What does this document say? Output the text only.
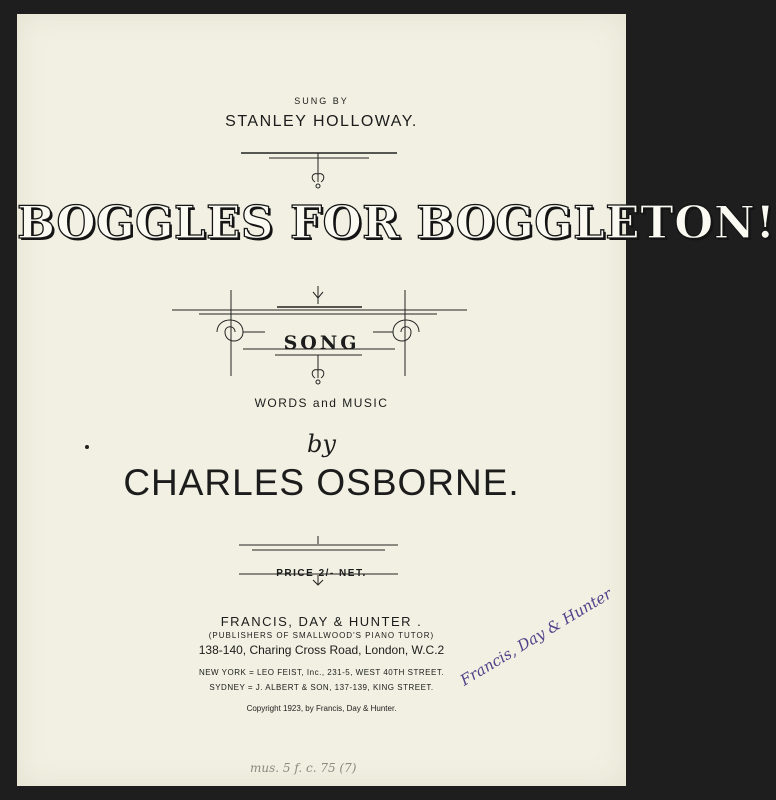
SUNG BY
STANLEY HOLLOWAY.
BOGGLES FOR BOGGLETON!
SONG
WORDS and MUSIC
by
CHARLES OSBORNE.
PRICE 2/- NET.
FRANCIS, DAY & HUNTER .
(PUBLISHERS OF SMALLWOOD'S PIANO TUTOR)
138-140, Charing Cross Road, London, W.C.2
NEW YORK = LEO FEIST, Inc., 231-5, WEST 40TH STREET.
SYDNEY = J. ALBERT & SON, 137-139, KING STREET.
Copyright 1923, by Francis, Day & Hunter.
Francis, Day & Hunter
mus. 5 f. c. 75 (7)
